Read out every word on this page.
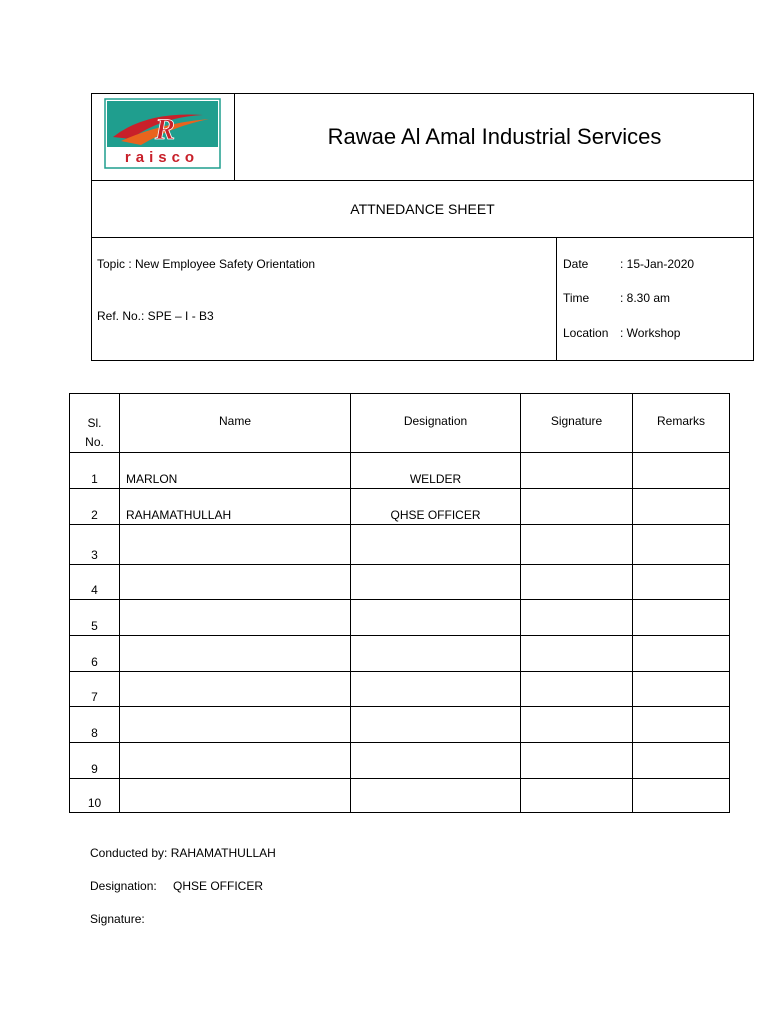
R
raisco
Rawae Al Amal Industrial Services
ATTNEDANCE SHEET
Topic : New Employee Safety Orientation
Ref. No.: SPE – I - B3
Date	: 15-Jan-2020
Time	: 8.30 am
Location : Workshop
Sl.
No.	Name	Designation	Signature	Remarks
1	MARLON	WELDER		
2	RAHAMATHULLAH	QHSE OFFICER		
3				
4				
5				
6				
7				
8				
9				
10				
Conducted by: RAHAMATHULLAH
Designation: QHSE OFFICER
Signature:
